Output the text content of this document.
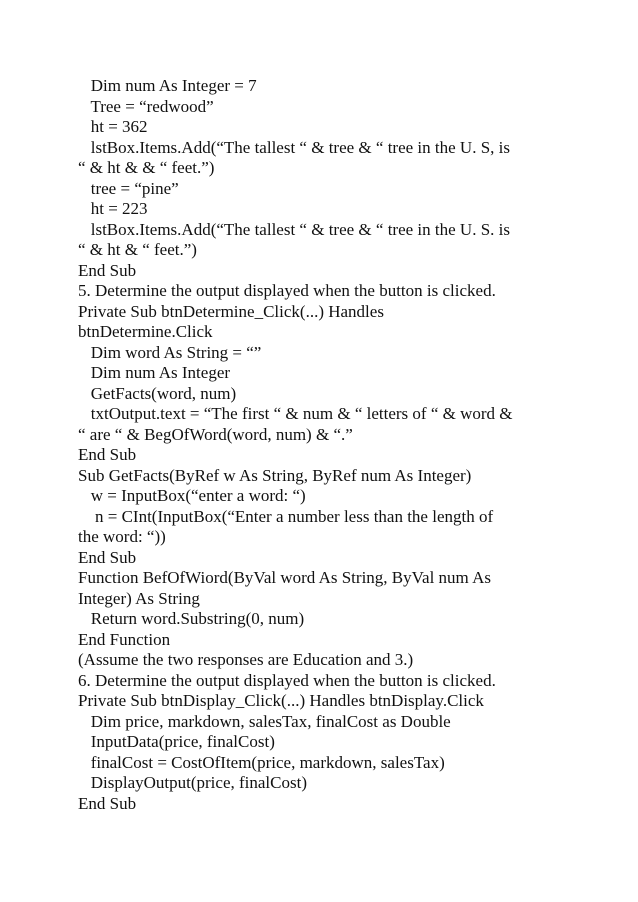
Dim num As Integer = 7
Tree = “redwood”
ht = 362
lstBox.Items.Add(“The tallest “ & tree & “ tree in the U. S, is
“ & ht & & “ feet.”)
tree = “pine”
ht = 223
lstBox.Items.Add(“The tallest “ & tree & “ tree in the U. S. is
“ & ht & “ feet.”)
End Sub
5. Determine the output displayed when the button is clicked.
Private Sub btnDetermine_Click(...) Handles
btnDetermine.Click
Dim word As String = “”
Dim num As Integer
GetFacts(word, num)
txtOutput.text = “The first “ & num & “ letters of “ & word &
“ are “ & BegOfWord(word, num) & “.”
End Sub
Sub GetFacts(ByRef w As String, ByRef num As Integer)
w = InputBox(“enter a word: “)
n = CInt(InputBox(“Enter a number less than the length of
the word: “))
End Sub
Function BefOfWiord(ByVal word As String, ByVal num As
Integer) As String
Return word.Substring(0, num)
End Function
(Assume the two responses are Education and 3.)
6. Determine the output displayed when the button is clicked.
Private Sub btnDisplay_Click(...) Handles btnDisplay.Click
Dim price, markdown, salesTax, finalCost as Double
InputData(price, finalCost)
finalCost = CostOfItem(price, markdown, salesTax)
DisplayOutput(price, finalCost)
End Sub
